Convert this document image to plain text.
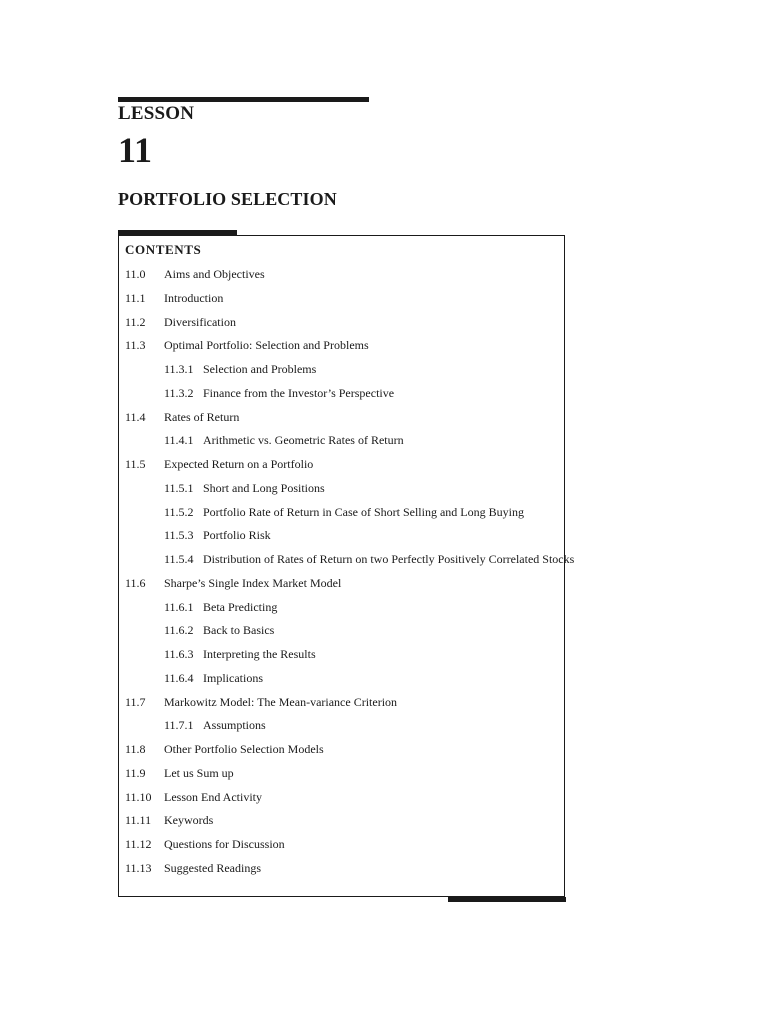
LESSON
11
PORTFOLIO SELECTION
CONTENTS
11.0 Aims and Objectives
11.1 Introduction
11.2 Diversification
11.3 Optimal Portfolio: Selection and Problems
11.3.1 Selection and Problems
11.3.2 Finance from the Investor’s Perspective
11.4 Rates of Return
11.4.1 Arithmetic vs. Geometric Rates of Return
11.5 Expected Return on a Portfolio
11.5.1 Short and Long Positions
11.5.2 Portfolio Rate of Return in Case of Short Selling and Long Buying
11.5.3 Portfolio Risk
11.5.4 Distribution of Rates of Return on two Perfectly Positively Correlated Stocks
11.6 Sharpe’s Single Index Market Model
11.6.1 Beta Predicting
11.6.2 Back to Basics
11.6.3 Interpreting the Results
11.6.4 Implications
11.7 Markowitz Model: The Mean-variance Criterion
11.7.1 Assumptions
11.8 Other Portfolio Selection Models
11.9 Let us Sum up
11.10 Lesson End Activity
11.11 Keywords
11.12 Questions for Discussion
11.13 Suggested Readings
